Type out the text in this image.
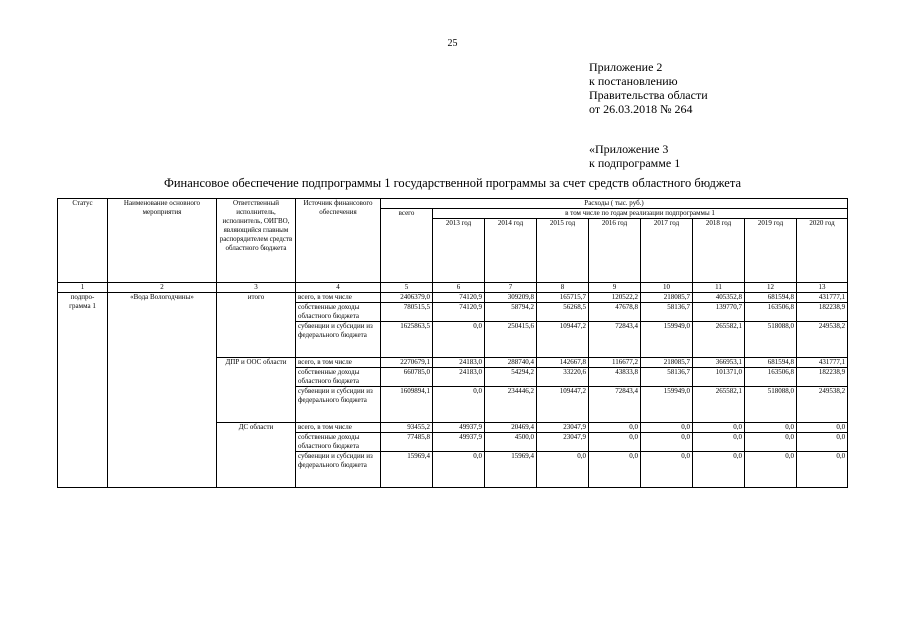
25
Приложение 2
к постановлению
Правительства области
от 26.03.2018 № 264
«Приложение 3
к подпрограмме 1
Финансовое обеспечение подпрограммы 1 государственной программы за счет средств областного бюджета
Статус	Наименование основного мероприятия	Ответственный исполнитель, исполнитель, ОИГВО, являющийся главным распорядителем средств областного бюджета	Источник финансового обеспечения	Расходы ( тыс. руб.)								
				всего	в том числе по годам реализации подпрограммы 1							
					2013 год	2014 год	2015 год	2016 год	2017 год	2018 год	2019 год	2020 год
1	2	3	4	5	6	7	8	9	10	11	12	13
подпро-грамма 1	«Вода Вологодчины»	итого	всего, в том числе	2406379,0	74120,9	309209,8	165715,7	120522,2	218085,7	405352,8	681594,8	431777,1
			собственные доходы областного бюджета	780515,5	74120,9	58794,2	56268,5	47678,8	58136,7	139770,7	163506,8	182238,9
			субвенции и субсидии из федерального бюджета	1625863,5	0,0	250415,6	109447,2	72843,4	159949,0	265582,1	518088,0	249538,2
		ДПР и ООС области	всего, в том числе	2270679,1	24183,0	288740,4	142667,8	116677,2	218085,7	366953,1	681594,8	431777,1
			собственные доходы областного бюджета	660785,0	24183,0	54294,2	33220,6	43833,8	58136,7	101371,0	163506,8	182238,9
			субвенции и субсидии из федерального бюджета	1609894,1	0,0	234446,2	109447,2	72843,4	159949,0	265582,1	518088,0	249538,2
		ДС области	всего, в том числе	93455,2	49937,9	20469,4	23047,9	0,0	0,0	0,0	0,0	0,0
			собственные доходы областного бюджета	77485,8	49937,9	4500,0	23047,9	0,0	0,0	0,0	0,0	0,0
			субвенции и субсидии из федерального бюджета	15969,4	0,0	15969,4	0,0	0,0	0,0	0,0	0,0	0,0
